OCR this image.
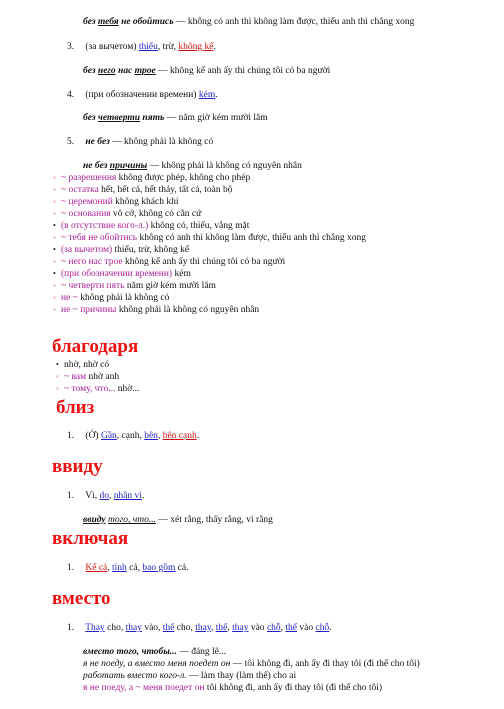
без тебя не обойтись — không có anh thì không làm được, thiếu anh thì chẳng xong
3. (за вычетом) thiếu, trừ, không kể.
без него нас трое — không kể anh ấy thì chúng tôi có ba người
4. (при обозначении времени) kém.
без четверти пять — năm giờ kém mười lăm
5. не без — không phải là không có
не без причины — không phải là không có nguyên nhân
◦ ~ разрешения không được phép, không cho phép
◦ ~ остатка hết, hết cả, hết thảy, tất cả, toàn bộ
◦ ~ церемоний không khách khí
◦ ~ основания vô cớ, không có căn cứ
• (в отсутствие кого-л.) không có, thiếu, vắng mặt
◦ ~ тебя не обойтись không có anh thì không làm được, thiếu anh thì chẳng xong
• (за вычетом) thiếu, trừ, không kể
◦ ~ него нас трое không kể anh ấy thì chúng tôi có ba người
• (при обозначении времени) kém
◦ ~ четверти пять năm giờ kém mười lăm
◦ не ~ không phải là không có
◦ не ~ причины không phải là không có nguyên nhân
благодаря
• nhờ, nhờ có
◦ ~ вам nhờ anh
◦ ~ тому, что... nhờ...
близ
1. (Ở) Gần, cạnh, bên, bên cạnh.
ввиду
1. Vì, do, nhân vì.
ввиду того, что... — xét rằng, thấy rằng, vì rằng
включая
1. Kể cả, tính cả, bao gồm cả.
вместо
1. Thay cho, thay vào, thế cho, thay, thế, thay vào chỗ, thế vào chỗ.
вместо того, чтобы... — đáng lẽ...
я не поеду, а вместо меня поедет он — tôi không đi, anh ấy đi thay tôi (đi thế cho tôi)
работать вместо кого-л. — làm thay (làm thế) cho ai
я не поеду, а ~ меня поедет он tôi không đi, anh ấy đi thay tôi (đi thế cho tôi)
